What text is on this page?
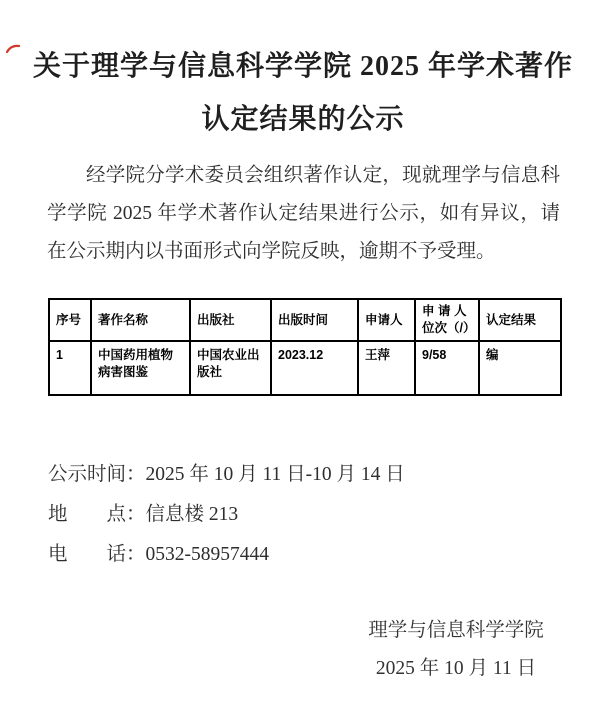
关于理学与信息科学学院 2025 年学术著作
认定结果的公示
经学院分学术委员会组织著作认定，现就理学与信息科学学院 2025 年学术著作认定结果进行公示，如有异议，请在公示期内以书面形式向学院反映，逾期不予受理。
序号	著作名称	出版社	出版时间	申请人	申 请 人 位次（/）	认定结果
1	中国药用植物病害图鉴	中国农业出版社	2023.12	王萍	9/58	编
公示时间：2025 年 10 月 11 日-10 月 14 日
地　　点：信息楼 213
电　　话：0532-58957444
理学与信息科学学院
2025 年 10 月 11 日
